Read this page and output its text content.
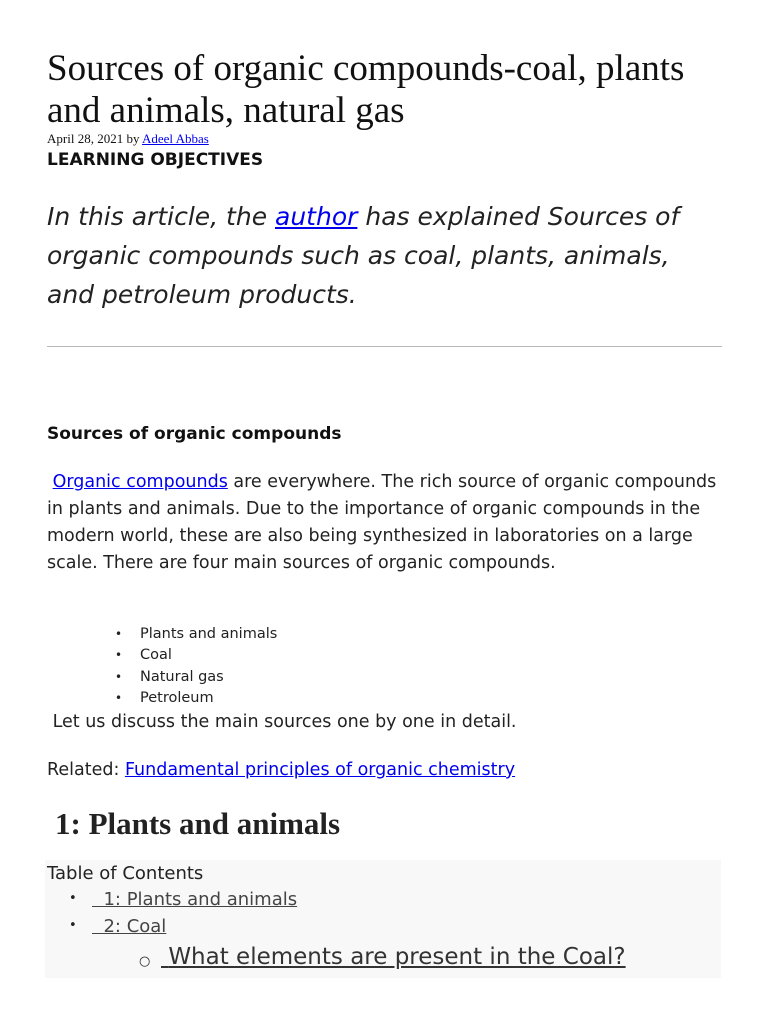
Sources of organic compounds-coal, plants and animals, natural gas
April 28, 2021 by Adeel Abbas
LEARNING OBJECTIVES

In this article, the author has explained Sources of organic compounds such as coal, plants, animals, and petroleum products.

Sources of organic compounds

Organic compounds are everywhere. The rich source of organic compounds in plants and animals. Due to the importance of organic compounds in the modern world, these are also being synthesized in laboratories on a large scale. There are four main sources of organic compounds.

• Plants and animals
• Coal
• Natural gas
• Petroleum

Let us discuss the main sources one by one in detail.

Related: Fundamental principles of organic chemistry

1: Plants and animals

Table of Contents

•	1: Plants and animals
•	2: Coal
○ What elements are present in the Coal?
